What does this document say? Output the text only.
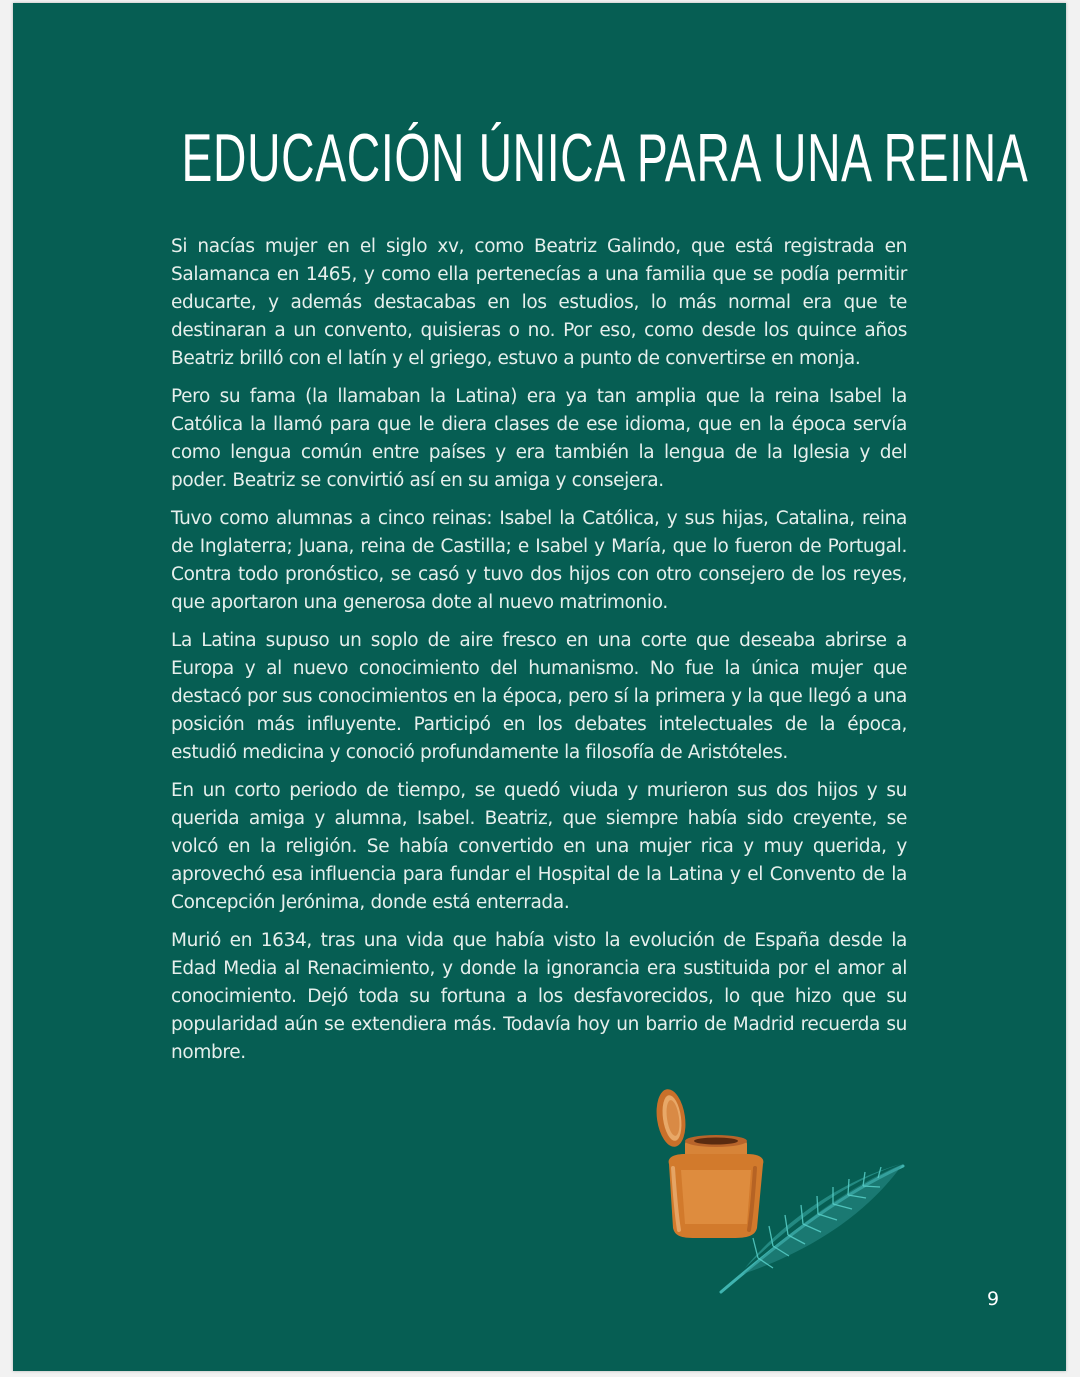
EDUCACIÓN ÚNICA PARA UNA REINA

Si nacías mujer en el siglo xv, como Beatriz Galindo, que está registrada en Salamanca en 1465, y como ella pertenecías a una familia que se podía permitir educarte, y además destacabas en los estudios, lo más normal era que te destinaran a un convento, quisieras o no. Por eso, como desde los quince años Beatriz brilló con el latín y el griego, estuvo a punto de convertirse en monja.

Pero su fama (la llamaban la Latina) era ya tan amplia que la reina Isabel la Católica la llamó para que le diera clases de ese idioma, que en la época servía como lengua común entre países y era también la lengua de la Iglesia y del poder. Beatriz se convirtió así en su amiga y consejera.

Tuvo como alumnas a cinco reinas: Isabel la Católica, y sus hijas, Catalina, reina de Inglaterra; Juana, reina de Castilla; e Isabel y María, que lo fueron de Portugal. Contra todo pronóstico, se casó y tuvo dos hijos con otro consejero de los reyes, que aportaron una generosa dote al nuevo matrimonio.

La Latina supuso un soplo de aire fresco en una corte que deseaba abrirse a Europa y al nuevo conocimiento del humanismo. No fue la única mujer que destacó por sus conocimientos en la época, pero sí la primera y la que llegó a una posición más influyente. Participó en los debates intelectuales de la época, estudió medicina y conoció profundamente la filosofía de Aristóteles.

En un corto periodo de tiempo, se quedó viuda y murieron sus dos hijos y su querida amiga y alumna, Isabel. Beatriz, que siempre había sido creyente, se volcó en la religión. Se había convertido en una mujer rica y muy querida, y aprovechó esa influencia para fundar el Hospital de la Latina y el Convento de la Concepción Jerónima, donde está enterrada.

Murió en 1634, tras una vida que había visto la evolución de España desde la Edad Media al Renacimiento, y donde la ignorancia era sustituida por el amor al conocimiento. Dejó toda su fortuna a los desfavorecidos, lo que hizo que su popularidad aún se extendiera más. Todavía hoy un barrio de Madrid recuerda su nombre.

9
